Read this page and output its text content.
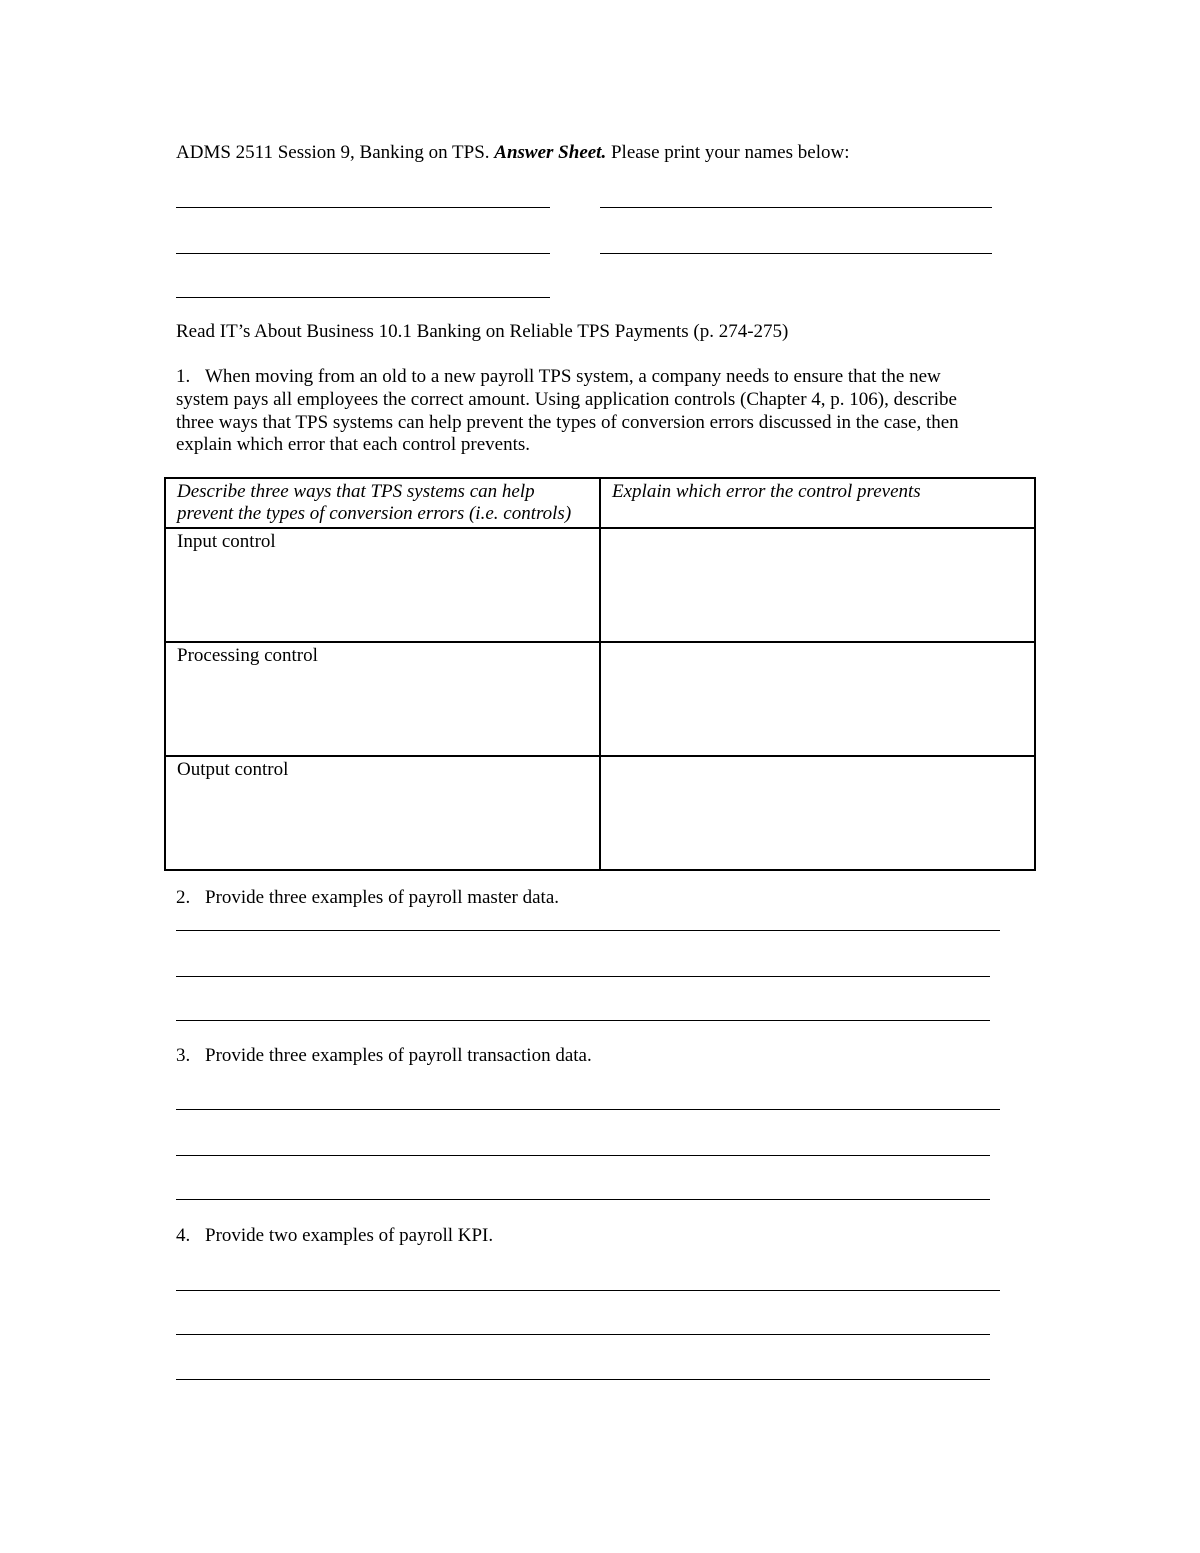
ADMS 2511 Session 9, Banking on TPS. Answer Sheet. Please print your names below:
Read IT’s About Business 10.1 Banking on Reliable TPS Payments (p. 274-275)
1. When moving from an old to a new payroll TPS system, a company needs to ensure that the new
system pays all employees the correct amount. Using application controls (Chapter 4, p. 106), describe
three ways that TPS systems can help prevent the types of conversion errors discussed in the case, then
explain which error that each control prevents.
Describe three ways that TPS systems can help prevent the types of conversion errors (i.e. controls)	Explain which error the control prevents
Input control	
Processing control	
Output control	
2. Provide three examples of payroll master data.
3. Provide three examples of payroll transaction data.
4. Provide two examples of payroll KPI.
